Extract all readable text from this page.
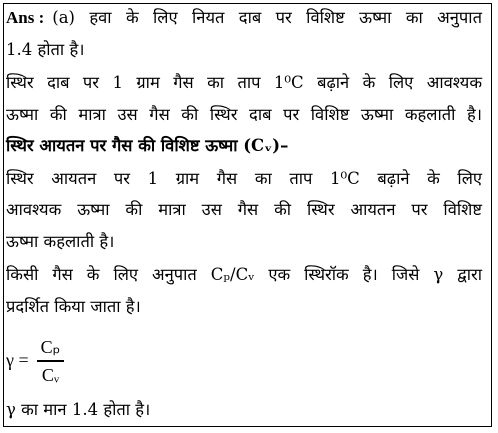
Ans : (a) हवा के लिए नियत दाब पर विशिष्ट ऊष्मा का अनुपात
1.4 होता है।
स्थिर दाब पर 1 ग्राम गैस का ताप 1⁰C बढ़ाने के लिए आवश्यक
ऊष्मा की मात्रा उस गैस की स्थिर दाब पर विशिष्ट ऊष्मा कहलाती है।
स्थिर आयतन पर गैस की विशिष्ट ऊष्मा (Cᵥ)–
स्थिर आयतन पर 1 ग्राम गैस का ताप 1⁰C बढ़ाने के लिए
आवश्यक ऊष्मा की मात्रा उस गैस की स्थिर आयतन पर विशिष्ट
ऊष्मा कहलाती है।
किसी गैस के लिए अनुपात Cₚ/Cᵥ एक स्थिरॉक है। जिसे γ द्वारा
प्रदर्शित किया जाता है।
$\gamma = \frac{\text{Cₚ}}{\text{Cᵥ}}$
γ का मान 1.4 होता है।
